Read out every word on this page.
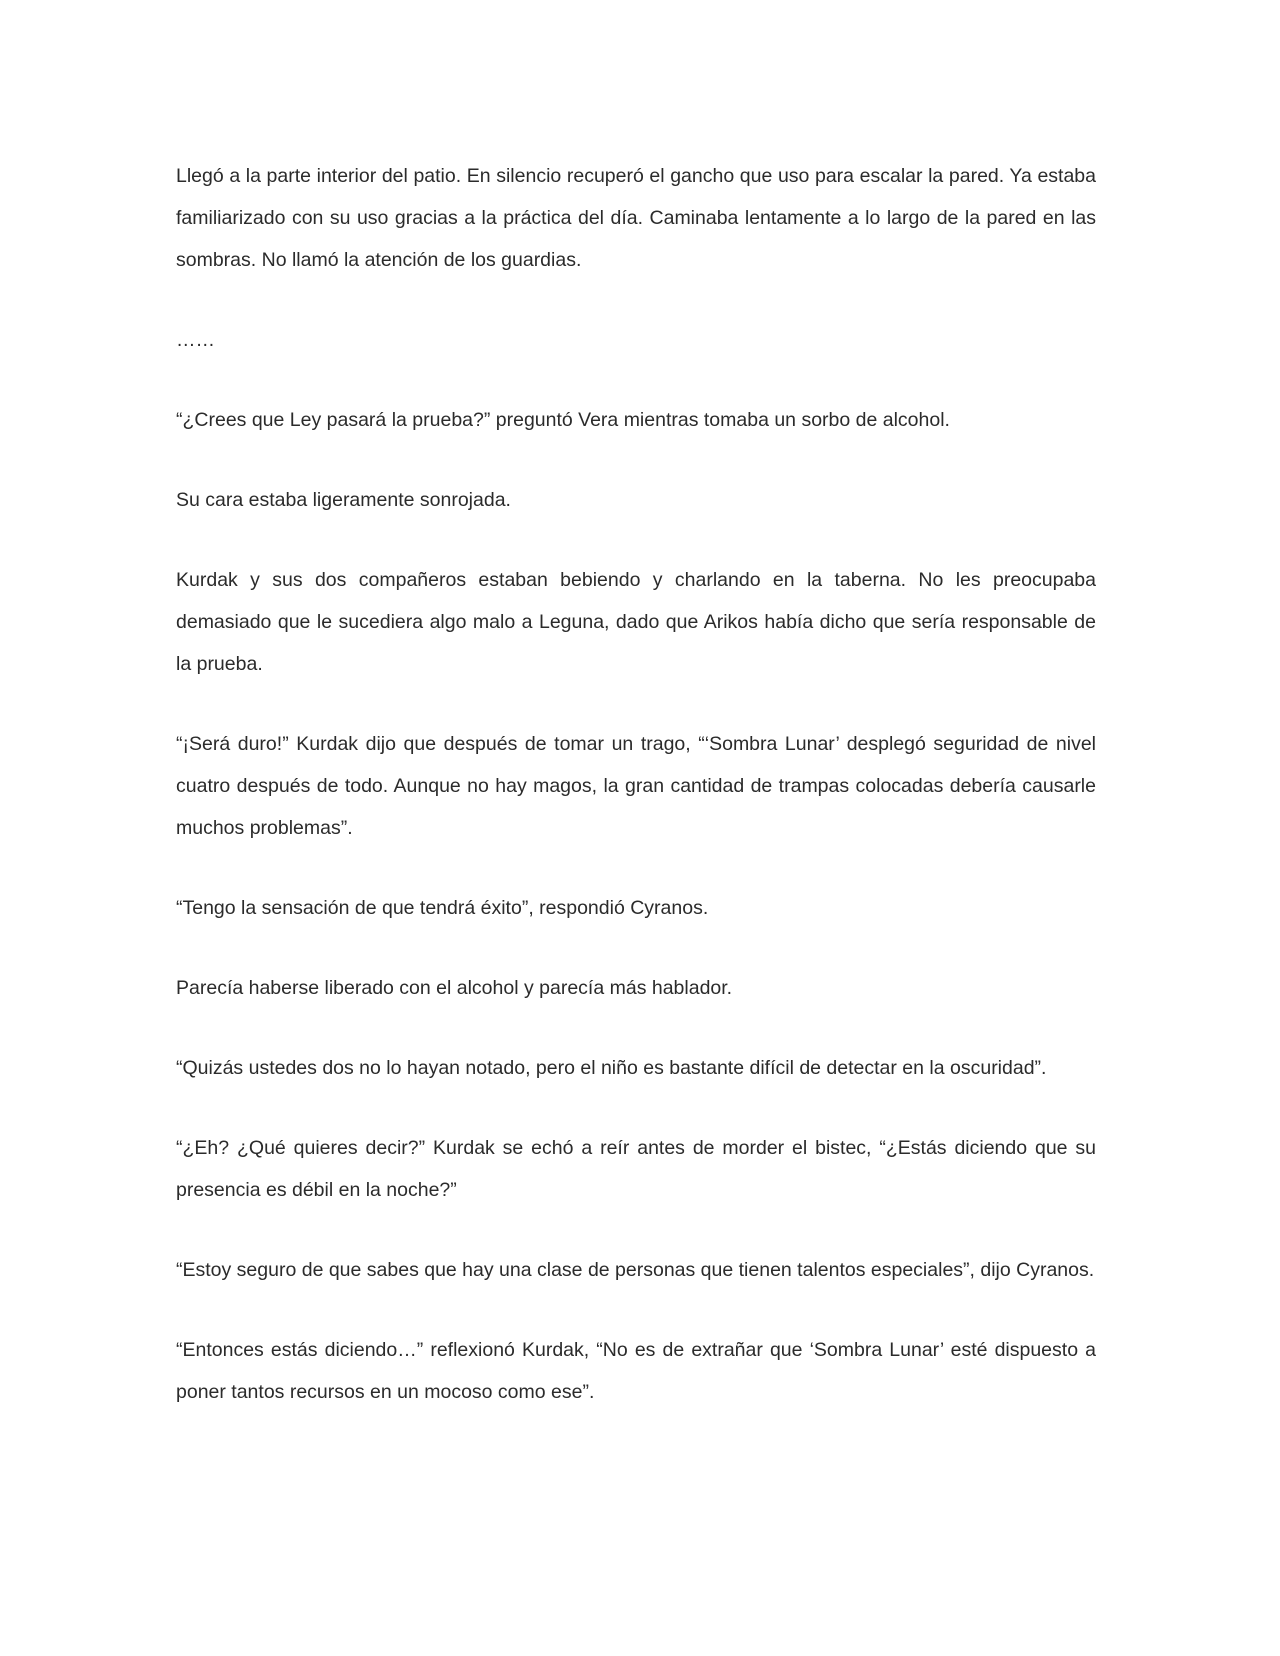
Llegó a la parte interior del patio. En silencio recuperó el gancho que uso para escalar la pared. Ya estaba familiarizado con su uso gracias a la práctica del día. Caminaba lentamente a lo largo de la pared en las sombras. No llamó la atención de los guardias.

……

“¿Crees que Ley pasará la prueba?” preguntó Vera mientras tomaba un sorbo de alcohol.

Su cara estaba ligeramente sonrojada.

Kurdak y sus dos compañeros estaban bebiendo y charlando en la taberna. No les preocupaba demasiado que le sucediera algo malo a Leguna, dado que Arikos había dicho que sería responsable de la prueba.

“¡Será duro!” Kurdak dijo que después de tomar un trago, “‘Sombra Lunar’ desplegó seguridad de nivel cuatro después de todo. Aunque no hay magos, la gran cantidad de trampas colocadas debería causarle muchos problemas”.

“Tengo la sensación de que tendrá éxito”, respondió Cyranos.

Parecía haberse liberado con el alcohol y parecía más hablador.

“Quizás ustedes dos no lo hayan notado, pero el niño es bastante difícil de detectar en la oscuridad”.

“¿Eh? ¿Qué quieres decir?” Kurdak se echó a reír antes de morder el bistec, “¿Estás diciendo que su presencia es débil en la noche?”

“Estoy seguro de que sabes que hay una clase de personas que tienen talentos especiales”, dijo Cyranos.

“Entonces estás diciendo…” reflexionó Kurdak, “No es de extrañar que ‘Sombra Lunar’ esté dispuesto a poner tantos recursos en un mocoso como ese”.
